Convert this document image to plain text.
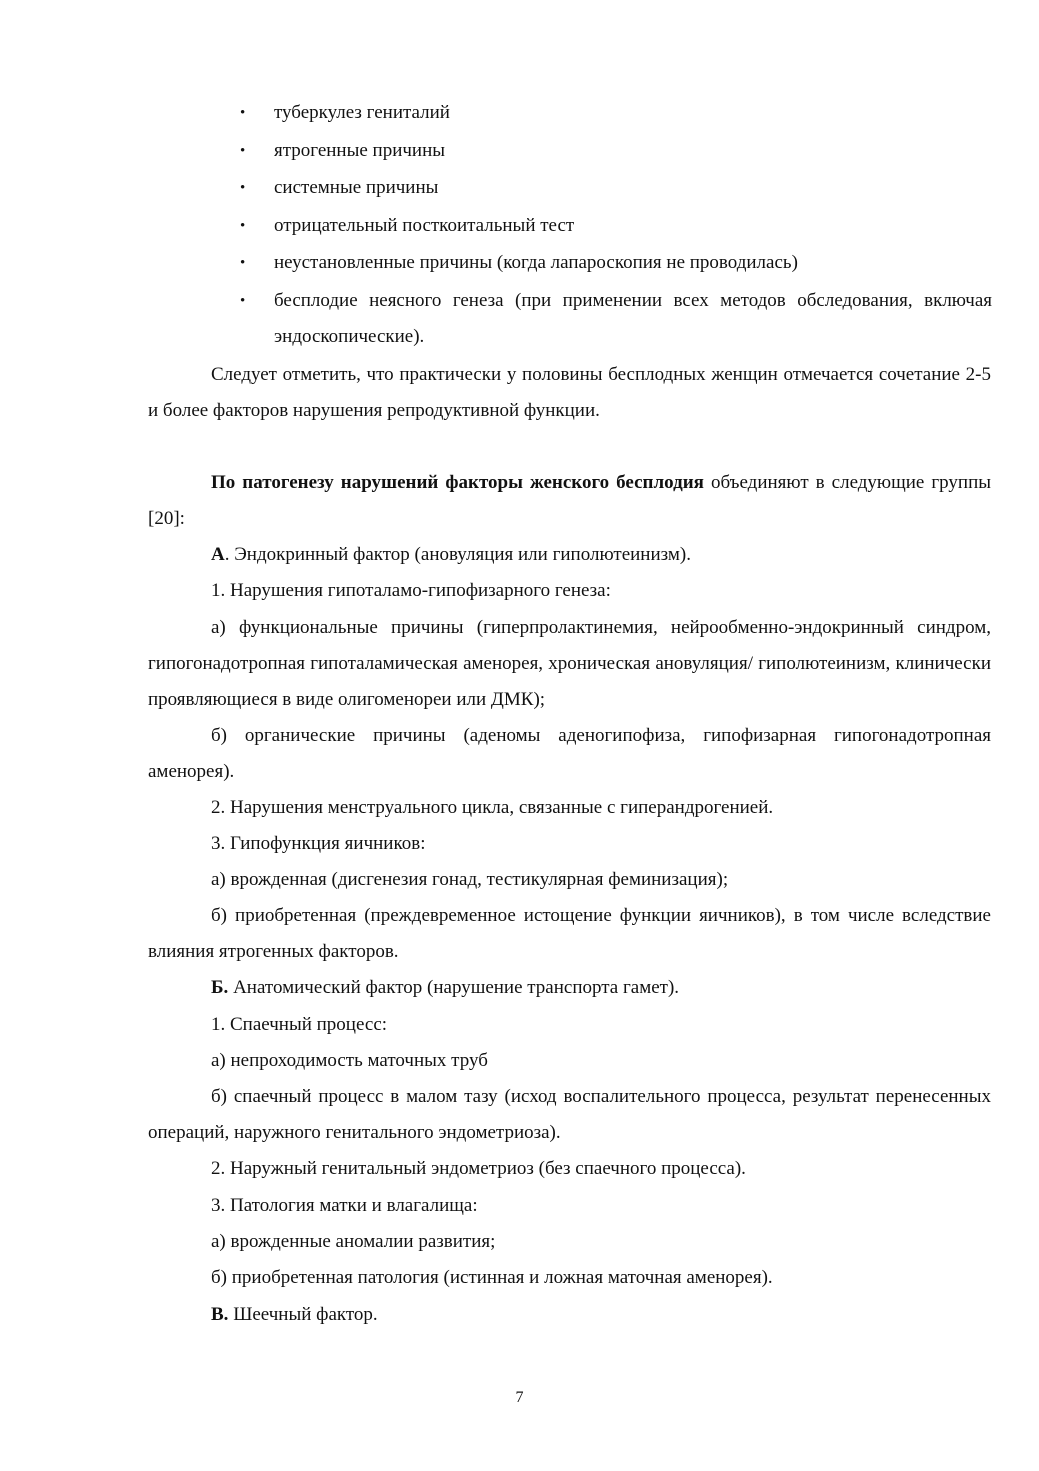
•	туберкулез гениталий
•	ятрогенные причины
•	системные причины
•	отрицательный посткоитальный тест
•	неустановленные причины (когда лапароскопия не проводилась)
•	бесплодие неясного генеза (при применении всех методов обследования, включая эндоскопические).

Следует отметить, что практически у половины бесплодных женщин отмечается сочетание 2-5 и более факторов нарушения репродуктивной функции.

По патогенезу нарушений факторы женского бесплодия объединяют в следующие группы [20]:

А. Эндокринный фактор (ановуляция или гиполютеинизм).

1. Нарушения гипоталамо-гипофизарного генеза:

а) функциональные причины (гиперпролактинемия, нейрообменно-эндокринный синдром, гипогонадотропная гипоталамическая аменорея, хроническая ановуляция/ гиполютеинизм, клинически проявляющиеся в виде олигоменореи или ДМК);

б) органические причины (аденомы аденогипофиза, гипофизарная гипогонадотропная аменорея).

2. Нарушения менструального цикла, связанные с гиперандрогенией.

3. Гипофункция яичников:

а) врожденная (дисгенезия гонад, тестикулярная феминизация);

б) приобретенная (преждевременное истощение функции яичников), в том числе вследствие влияния ятрогенных факторов.

Б. Анатомический фактор (нарушение транспорта гамет).

1. Спаечный процесс:

а) непроходимость маточных труб

б) спаечный процесс в малом тазу (исход воспалительного процесса, результат перенесенных операций, наружного генитального эндометриоза).

2. Наружный генитальный эндометриоз (без спаечного процесса).

3. Патология матки и влагалища:

а) врожденные аномалии развития;

б) приобретенная патология (истинная и ложная маточная аменорея).

В. Шеечный фактор.

7
